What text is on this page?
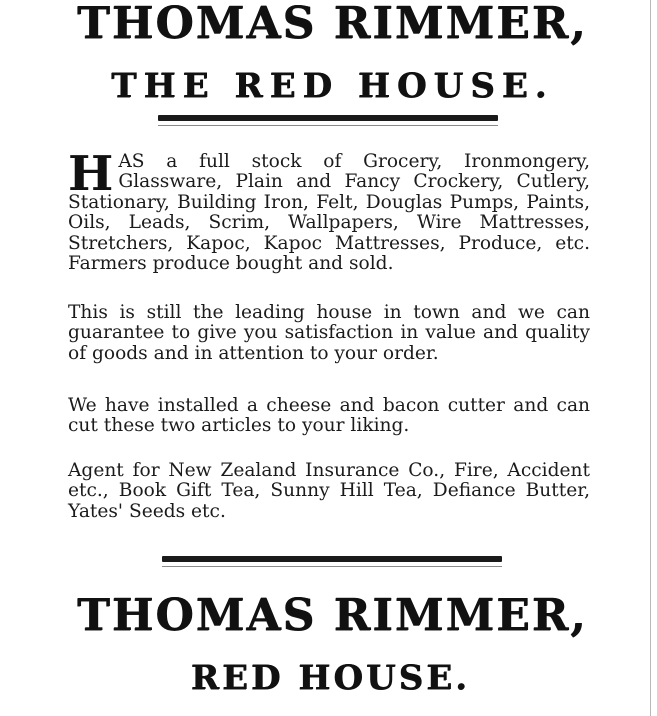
THOMAS RIMMER,
THE RED HOUSE.

HAS a full stock of Grocery, Ironmongery, Glassware, Plain and Fancy Crockery, Cutlery, Stationary, Building Iron, Felt, Douglas Pumps, Paints, Oils, Leads, Scrim, Wallpapers, Wire Mattresses, Stretchers, Kapoc, Kapoc Mattresses, Produce, etc. Farmers produce bought and sold.

This is still the leading house in town and we can guarantee to give you satisfaction in value and quality of goods and in attention to your order.

We have installed a cheese and bacon cutter and can cut these two articles to your liking.

Agent for New Zealand Insurance Co., Fire, Accident etc., Book Gift Tea, Sunny Hill Tea, Defiance Butter, Yates' Seeds etc.

THOMAS RIMMER,
RED HOUSE.
